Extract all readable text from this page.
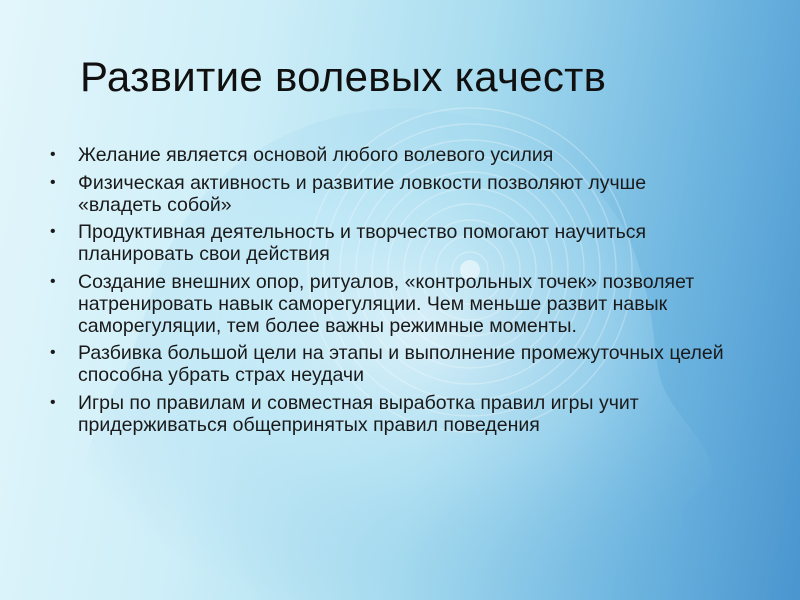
Развитие волевых качеств
• Желание является основой любого волевого усилия
• Физическая активность и развитие ловкости позволяют лучше «владеть собой»
• Продуктивная деятельность и творчество помогают научиться планировать свои действия
• Создание внешних опор, ритуалов, «контрольных точек» позволяет натренировать навык саморегуляции. Чем меньше развит навык саморегуляции, тем более важны режимные моменты.
• Разбивка большой цели на этапы и выполнение промежуточных целей способна убрать страх неудачи
• Игры по правилам и совместная выработка правил игры учит придерживаться общепринятых правил поведения
